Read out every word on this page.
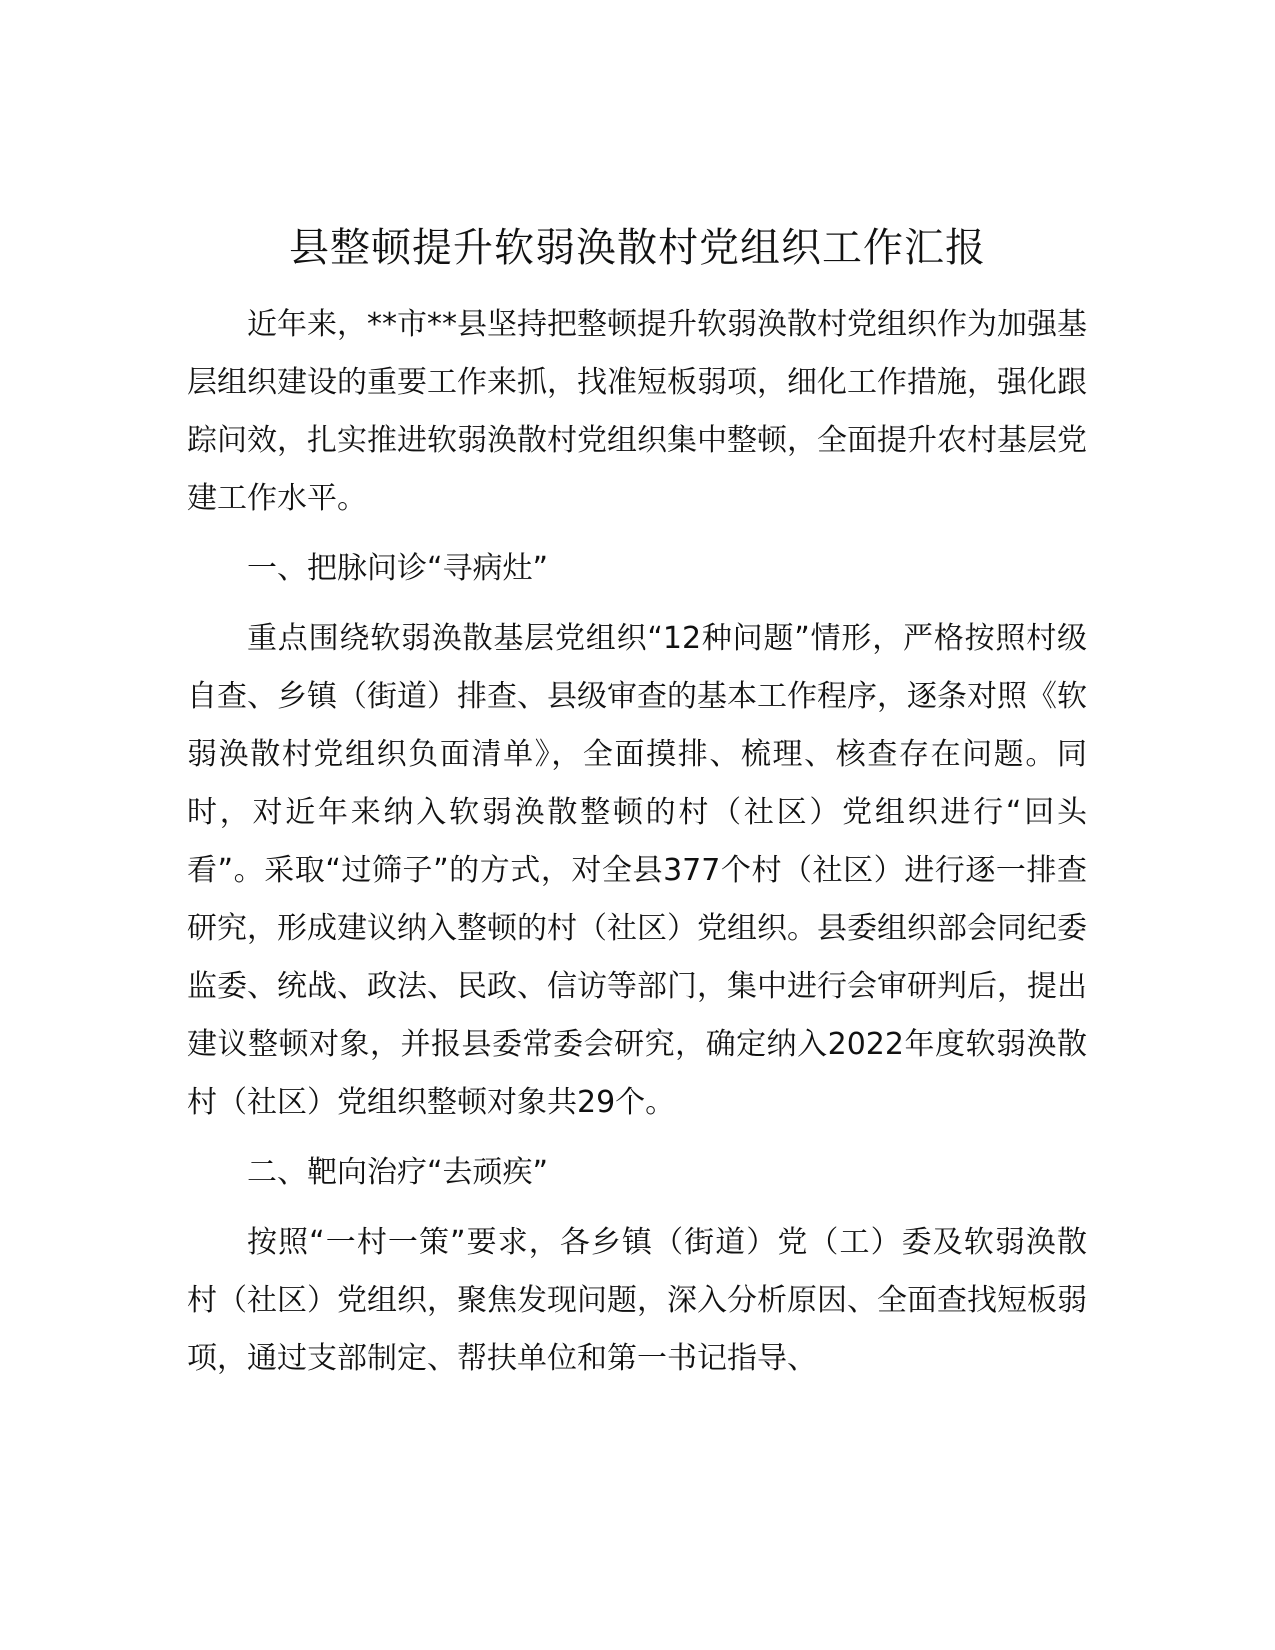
县整顿提升软弱涣散村党组织工作汇报

近年来，**市**县坚持把整顿提升软弱涣散村党组织作为加强基层组织建设的重要工作来抓，找准短板弱项，细化工作措施，强化跟踪问效，扎实推进软弱涣散村党组织集中整顿，全面提升农村基层党建工作水平。

一、把脉问诊“寻病灶”

重点围绕软弱涣散基层党组织“12种问题”情形，严格按照村级自查、乡镇（街道）排查、县级审查的基本工作程序，逐条对照《软弱涣散村党组织负面清单》，全面摸排、梳理、核查存在问题。同时，对近年来纳入软弱涣散整顿的村（社区）党组织进行“回头看”。采取“过筛子”的方式，对全县377个村（社区）进行逐一排查研究，形成建议纳入整顿的村（社区）党组织。县委组织部会同纪委监委、统战、政法、民政、信访等部门，集中进行会审研判后，提出建议整顿对象，并报县委常委会研究，确定纳入2022年度软弱涣散村（社区）党组织整顿对象共29个。

二、靶向治疗“去顽疾”

按照“一村一策”要求，各乡镇（街道）党（工）委及软弱涣散村（社区）党组织，聚焦发现问题，深入分析原因、全面查找短板弱项，通过支部制定、帮扶单位和第一书记指导、
